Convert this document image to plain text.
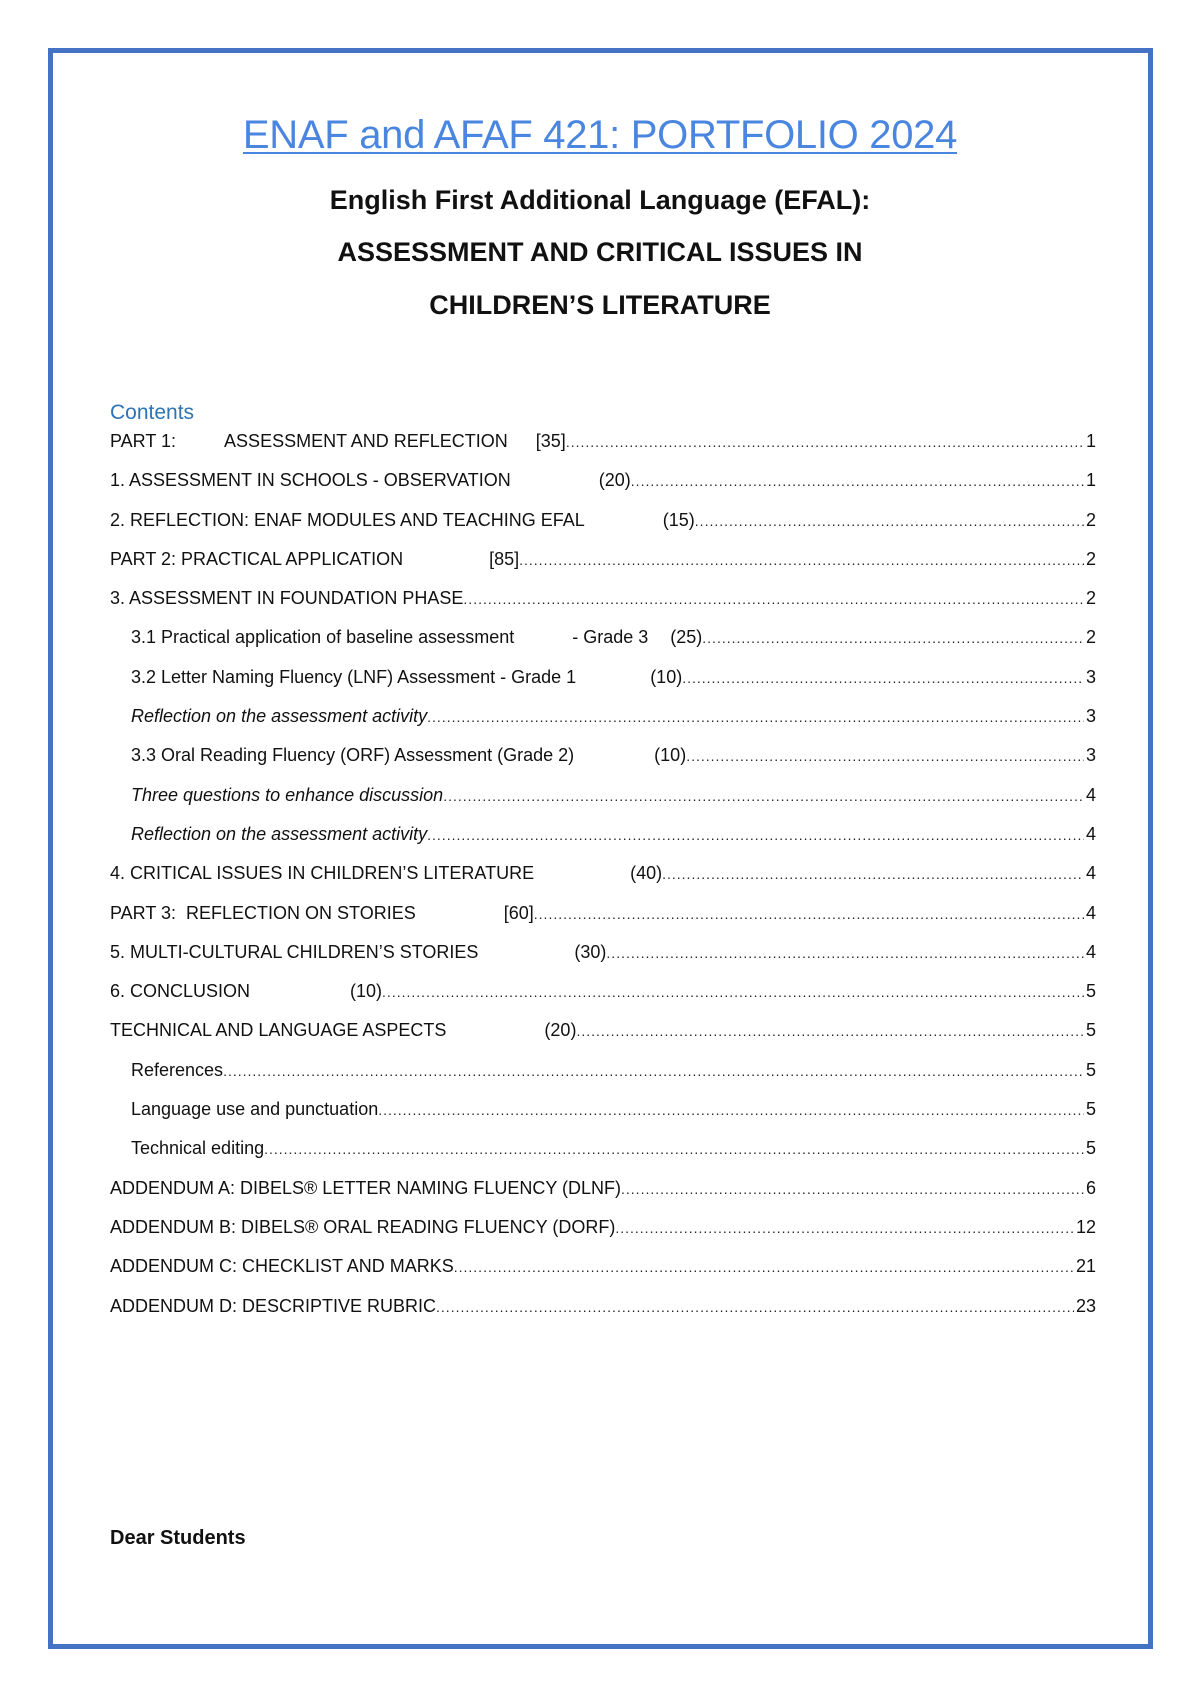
ENAF and AFAF 421: PORTFOLIO 2024
English First Additional Language (EFAL):
ASSESSMENT AND CRITICAL ISSUES IN
CHILDREN’S LITERATURE
Contents
PART 1:	ASSESSMENT AND REFLECTION [35] .....	1
1. ASSESSMENT IN SCHOOLS - OBSERVATION	(20) .....	1
2. REFLECTION: ENAF MODULES AND TEACHING EFAL	(15) .....	2
PART 2: PRACTICAL APPLICATION	[85] .....	2
3. ASSESSMENT IN FOUNDATION PHASE .....	2
3.1 Practical application of baseline assessment	- Grade 3 (25) .....	2
3.2 Letter Naming Fluency (LNF) Assessment - Grade 1	(10) .....	3
Reflection on the assessment activity .....	3
3.3 Oral Reading Fluency (ORF) Assessment (Grade 2)	(10) .....	3
Three questions to enhance discussion .....	4
Reflection on the assessment activity .....	4
4. CRITICAL ISSUES IN CHILDREN’S LITERATURE	(40) .....	4
PART 3:  REFLECTION ON STORIES	[60] .....	4
5. MULTI-CULTURAL CHILDREN’S STORIES	(30) .....	4
6. CONCLUSION	(10) .....	5
TECHNICAL AND LANGUAGE ASPECTS	(20) .....	5
References .....	5
Language use and punctuation .....	5
Technical editing .....	5
ADDENDUM A: DIBELS® LETTER NAMING FLUENCY (DLNF) .....	6
ADDENDUM B: DIBELS® ORAL READING FLUENCY (DORF) .....	12
ADDENDUM C: CHECKLIST AND MARKS .....	21
ADDENDUM D: DESCRIPTIVE RUBRIC .....	23
Dear Students
